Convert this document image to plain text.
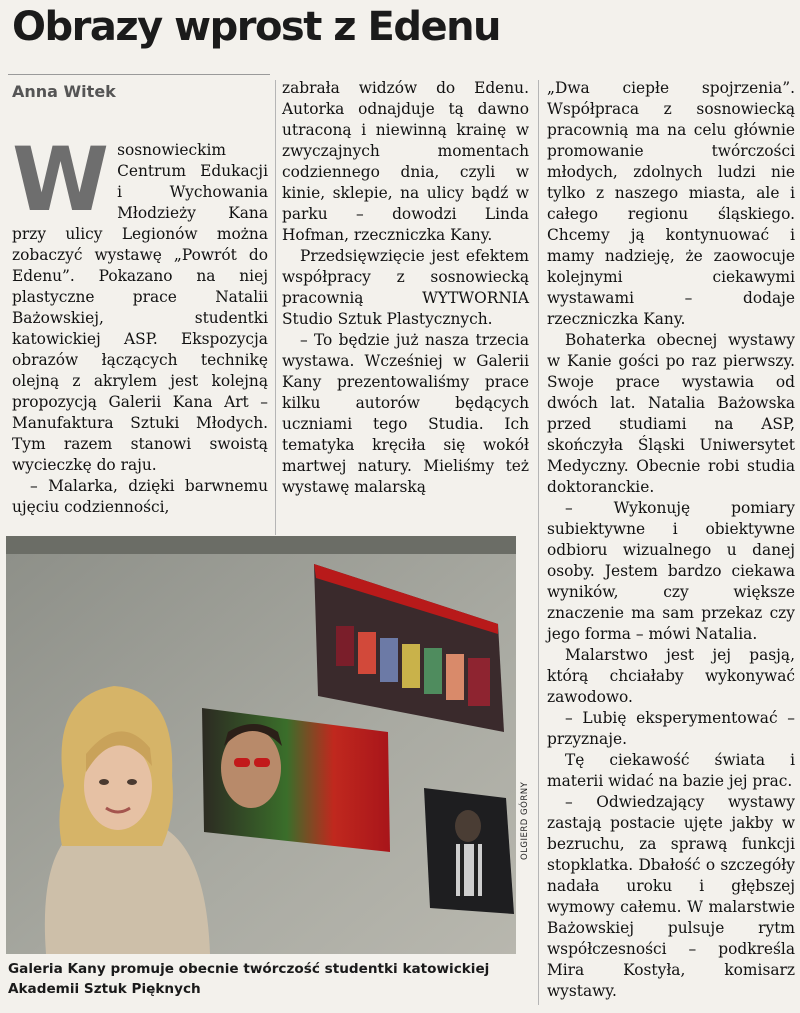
Obrazy wprost z Edenu
Anna Witek
W sosnowieckim Centrum Edukacji i Wychowania Młodzieży Kana przy ulicy Legionów można zobaczyć wystawę „Powrót do Edenu”. Pokazano na niej plastyczne prace Natalii Bażowskiej, studentki katowickiej ASP. Ekspozycja obrazów łączących technikę olejną z akrylem jest kolejną propozycją Galerii Kana Art – Manufaktura Sztuki Młodych. Tym razem stanowi swoistą wycieczkę do raju.

– Malarka, dzięki barwnemu ujęciu codzienności,

zabrała widzów do Edenu. Autorka odnajduje tą dawno utraconą i niewinną krainę w zwyczajnych momentach codziennego dnia, czyli w kinie, sklepie, na ulicy bądź w parku – dowodzi Linda Hofman, rzeczniczka Kany.

Przedsięwzięcie jest efektem współpracy z sosnowiecką pracownią WYTWORNIA Studio Sztuk Plastycznych.

– To będzie już nasza trzecia wystawa. Wcześniej w Galerii Kany prezentowaliśmy prace kilku autorów będących uczniami tego Studia. Ich tematyka kręciła się wokół martwej natury. Mieliśmy też wystawę malarską

„Dwa ciepłe spojrzenia”. Współpraca z sosnowiecką pracownią ma na celu głównie promowanie twórczości młodych, zdolnych ludzi nie tylko z naszego miasta, ale i całego regionu śląskiego. Chcemy ją kontynuować i mamy nadzieję, że zaowocuje kolejnymi ciekawymi wystawami – dodaje rzeczniczka Kany.

Bohaterka obecnej wystawy w Kanie gości po raz pierwszy. Swoje prace wystawia od dwóch lat. Natalia Bażowska przed studiami na ASP, skończyła Śląski Uniwersytet Medyczny. Obecnie robi studia doktoranckie.

– Wykonuję pomiary subiektywne i obiektywne odbioru wizualnego u danej osoby. Jestem bardzo ciekawa wyników, czy większe znaczenie ma sam przekaz czy jego forma – mówi Natalia.

Malarstwo jest jej pasją, którą chciałaby wykonywać zawodowo.

– Lubię eksperymentować – przyznaje.

Tę ciekawość świata i materii widać na bazie jej prac.

– Odwiedzający wystawy zastają postacie ujęte jakby w bezruchu, za sprawą funkcji stopklatka. Dbałość o szczegóły nadała uroku i głębszej wymowy całemu. W malarstwie Bażowskiej pulsuje rytm współczesności – podkreśla Mira Kostyła, komisarz wystawy.

OLGIERD GÓRNY
Galeria Kany promuje obecnie twórczość studentki katowickiej Akademii Sztuk Pięknych
